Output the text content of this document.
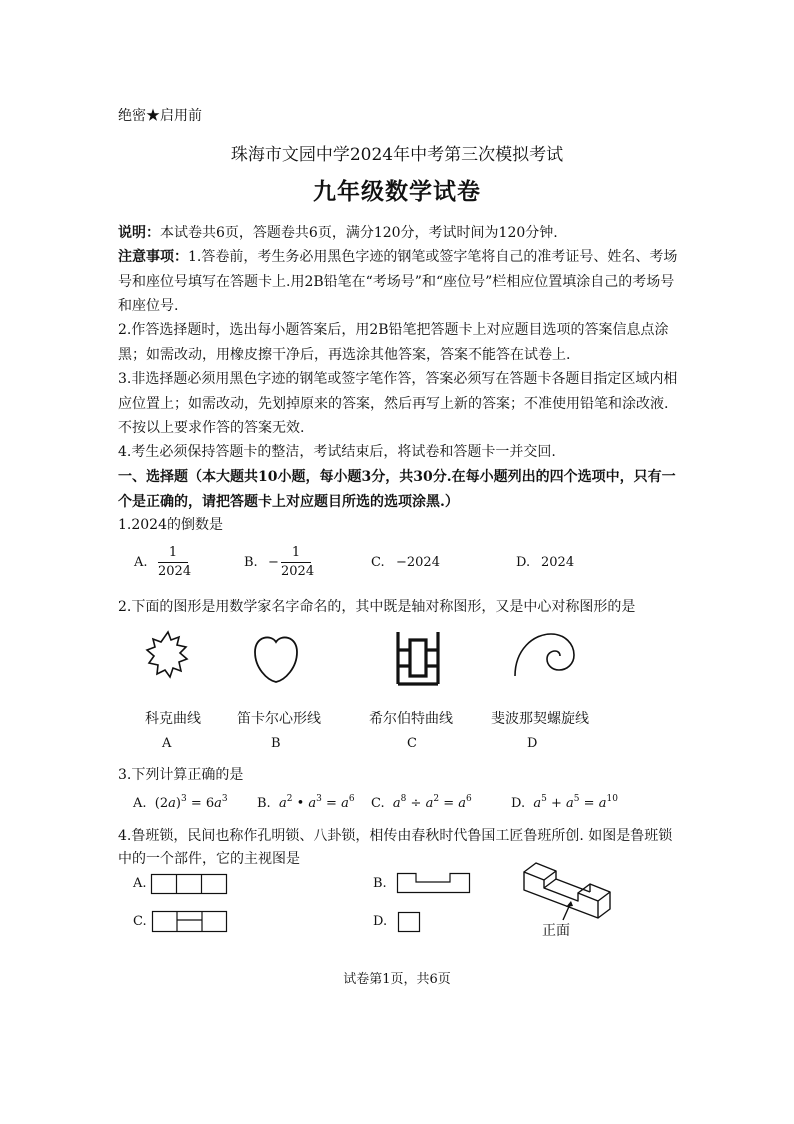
绝密★启用前
珠海市文园中学2024年中考第三次模拟考试
九年级数学试卷
说明：本试卷共6页，答题卷共6页，满分120分，考试时间为120分钟.
注意事项：1.答卷前，考生务必用黑色字迹的钢笔或签字笔将自己的准考证号、姓名、考场号和座位号填写在答题卡上.用2B铅笔在“考场号”和“座位号”栏相应位置填涂自己的考场号和座位号.
2.作答选择题时，选出每小题答案后，用2B铅笔把答题卡上对应题目选项的答案信息点涂黑；如需改动，用橡皮擦干净后，再选涂其他答案，答案不能答在试卷上.
3.非选择题必须用黑色字迹的钢笔或签字笔作答，答案必须写在答题卡各题目指定区域内相应位置上；如需改动，先划掉原来的答案，然后再写上新的答案；不准使用铅笔和涂改液.不按以上要求作答的答案无效.
4.考生必须保持答题卡的整洁，考试结束后，将试卷和答题卡一并交回.
一、选择题（本大题共10小题，每小题3分，共30分.在每小题列出的四个选项中，只有一个是正确的，请把答题卡上对应题目所选的选项涂黑.）
1.2024的倒数是
A.
1
2024
B. −
1
2024
C. −2024	D. 2024
2.下面的图形是用数学家名字命名的，其中既是轴对称图形，又是中心对称图形的是
科克曲线
A
笛卡尔心形线
B
希尔伯特曲线
C
斐波那契螺旋线
D
3.下列计算正确的是
A.  $(2a)^3 = 6a^3$ B. $a^2$ • $a^3 = a^6$ C. $a^8 \div a^2 = a^6$	D. $a^5 + a^5 = a^{10}$
4.鲁班锁，民间也称作孔明锁、八卦锁，相传由春秋时代鲁国工匠鲁班所创. 如图是鲁班锁
中的一个部件，它的主视图是
A.	B.
C.	D.
正面
试卷第1页，共6页
